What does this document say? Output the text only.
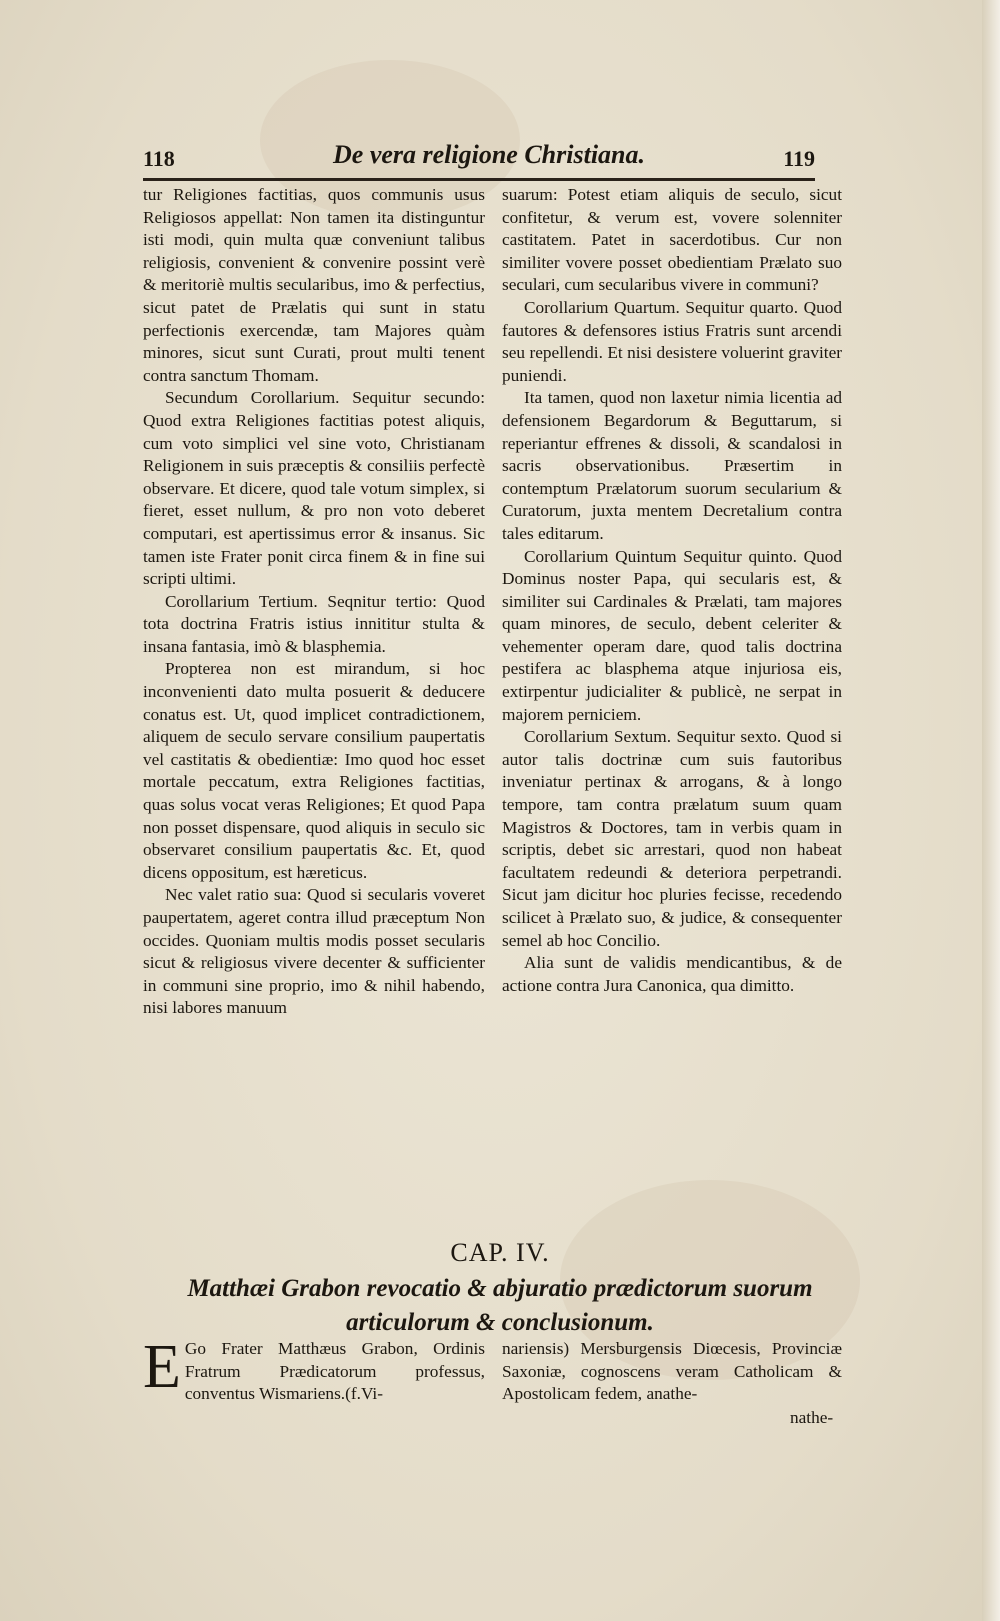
118	De vera religione Christiana.	119

tur Religiones factitias, quos communis usus Religiosos appellat: Non tamen ita distinguntur isti modi, quin multa quæ conveniunt talibus religiosis, convenient & convenire possint verè & meritoriè multis secularibus, imo & perfectius, sicut patet de Prælatis qui sunt in statu perfectionis exercendæ, tam Majores quàm minores, sicut sunt Curati, prout multi tenent contra sanctum Thomam.

Secundum Corollarium. Sequitur secundo: Quod extra Religiones factitias potest aliquis, cum voto simplici vel sine voto, Christianam Religionem in suis præceptis & consiliis perfectè observare. Et dicere, quod tale votum simplex, si fieret, esset nullum, & pro non voto deberet computari, est apertissimus error & insanus. Sic tamen iste Frater ponit circa finem & in fine sui scripti ultimi.

Corollarium Tertium. Seqnitur tertio: Quod tota doctrina Fratris istius innititur stulta & insana fantasia, imò & blasphemia.

Propterea non est mirandum, si hoc inconvenienti dato multa posuerit & deducere conatus est. Ut, quod implicet contradictionem, aliquem de seculo servare consilium paupertatis vel castitatis & obedientiæ: Imo quod hoc esset mortale peccatum, extra Religiones factitias, quas solus vocat veras Religiones; Et quod Papa non posset dispensare, quod aliquis in seculo sic observaret consilium paupertatis &c. Et, quod dicens oppositum, est hæreticus.

Nec valet ratio sua: Quod si secularis voveret paupertatem, ageret contra illud præceptum Non occides. Quoniam multis modis posset secularis sicut & religiosus vivere decenter & sufficienter in communi sine proprio, imo & nihil habendo, nisi labores manuum

suarum: Potest etiam aliquis de seculo, sicut confitetur, & verum est, vovere solenniter castitatem. Patet in sacerdotibus. Cur non similiter vovere posset obedientiam Prælato suo seculari, cum secularibus vivere in communi?

Corollarium Quartum. Sequitur quarto. Quod fautores & defensores istius Fratris sunt arcendi seu repellendi. Et nisi desistere voluerint graviter puniendi.

Ita tamen, quod non laxetur nimia licentia ad defensionem Begardorum & Beguttarum, si reperiantur effrenes & dissoli, & scandalosi in sacris observationibus. Præsertim in contemptum Prælatorum suorum secularium & Curatorum, juxta mentem Decretalium contra tales editarum.

Corollarium Quintum Sequitur quinto. Quod Dominus noster Papa, qui secularis est, & similiter sui Cardinales & Prælati, tam majores quam minores, de seculo, debent celeriter & vehementer operam dare, quod talis doctrina pestifera ac blasphema atque injuriosa eis, extirpentur judicialiter & publicè, ne serpat in majorem perniciem.

Corollarium Sextum. Sequitur sexto. Quod si autor talis doctrinæ cum suis fautoribus inveniatur pertinax & arrogans, & à longo tempore, tam contra prælatum suum quam Magistros & Doctores, tam in verbis quam in scriptis, debet sic arrestari, quod non habeat facultatem redeundi & deteriora perpetrandi. Sicut jam dicitur hoc pluries fecisse, recedendo scilicet à Prælato suo, & judice, & consequenter semel ab hoc Concilio.

Alia sunt de validis mendicantibus, & de actione contra Jura Canonica, qua dimitto.

CAP. IV.
Matthæi Grabon revocatio & abjuratio prædictorum suorum articulorum & conclusionum.
E Go Frater Matthæus Grabon, Ordinis Fratrum Prædicatorum professus, conventus Wismariens.(f.Vi-
nariensis) Mersburgensis Diœcesis, Provinciæ Saxoniæ, cognoscens veram Catholicam & Apostolicam fedem, anathe-
nathe-
